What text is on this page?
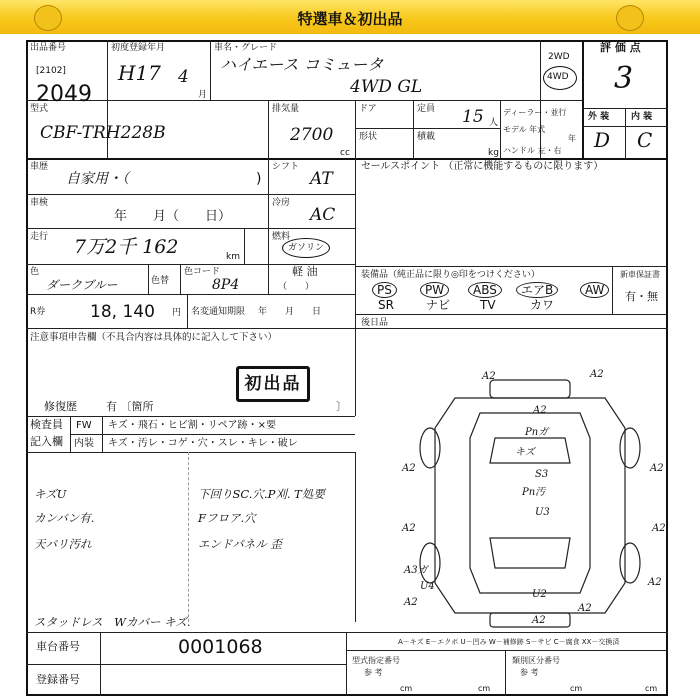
特選車＆初出品
出品番号
[2102]
2049
初度登録年月
H17 4
月
車名・グレード
ハイエース コミュータ
4WD GL
2WD
4WD
評 価 点
3
型式
CBF-TRH228B
排気量
2700
cc
ドア	定員 15 人
形状	積載
kg
ディーラー・並行
モデル 年式
年
ハンドル 左・右
外 装 内 装
D C
車歴
自家用・（	)
車検
年　　月（　　日）
走行 7万2千 162	km
色
ダークブルー	色替
色コード
8P4
R券	18, 140 円 名変通知期限 年　　月　　日
シフト
AT
冷房
AC
燃料
ガソリン
軽 油
（　　）
セールスポイント （正常に機能するものに限ります）
装備品（純正品に限り◎印をつけください）
PS	PW	ABS	エアB	AW
SR	ナビ TV	カワ
新車保証書
有・無
後日品
注意事項申告欄（不具合内容は具体的に記入して下さい）
初出品
修復歴	有 〔箇所	〕
検査員
記入欄
FW キズ・飛石・ヒビ割・リペア跡・×要
内装 キズ・汚レ・コゲ・穴・スレ・キレ・破レ
キズU
カンバン有.
天バリ汚れ
スタッドレス　Wカバー キズ.
下回りSC.穴.P刈. T処要
Fフロア.穴
エンドパネル 歪
A2	A2
A2
Pnガ
キズ
S3
Pn汚
U3
A2	A2
A2	A2
A3ガ
U4
U2
A2
A2
A2
A2
車台番号	0001068
登録番号
A－キズ E－エクボ U－凹み W－補修跡 S－サビ C－腐食 XX－交換済
型式指定番号
参 考
類別区分番号
参 考
cm	cm	cm	cm
